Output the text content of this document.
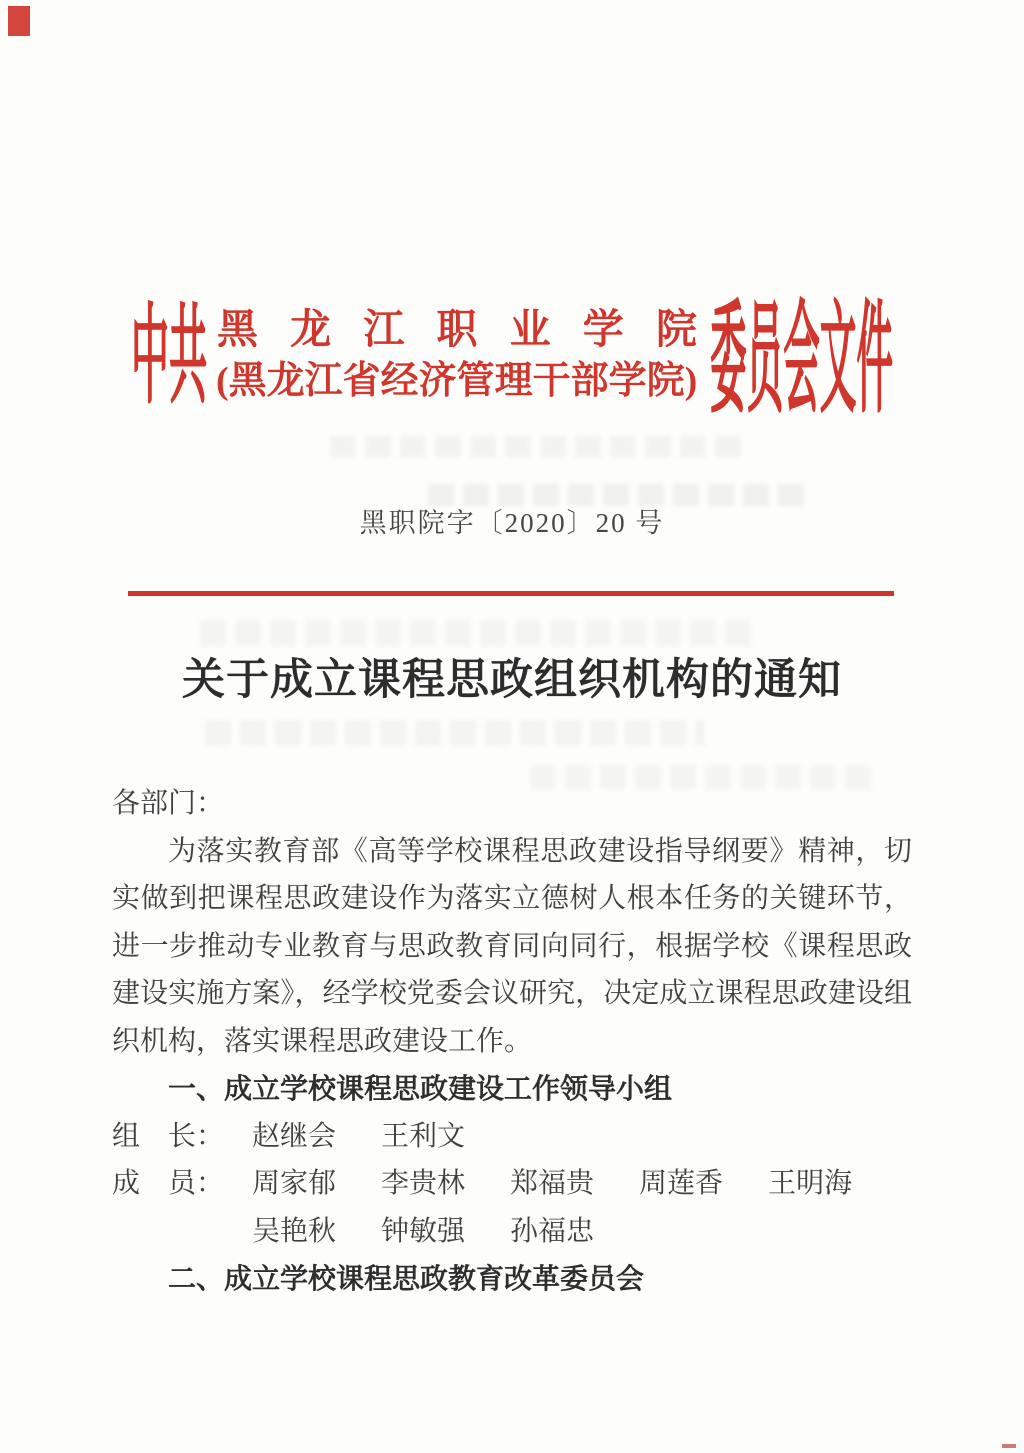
中共 黑 龙 江 职 业 学 院
(黑龙江省经济管理干部学院) 委员会文件
黑职院字〔2020〕20 号
关于成立课程思政组织机构的通知
各部门：
为落实教育部《高等学校课程思政建设指导纲要》精神，切
实做到把课程思政建设作为落实立德树人根本任务的关键环节，
进一步推动专业教育与思政教育同向同行，根据学校《课程思政
建设实施方案》，经学校党委会议研究，决定成立课程思政建设组
织机构，落实课程思政建设工作。
一、成立学校课程思政建设工作领导小组
组　长： 赵继会 王利文
成　员： 周家郁 李贵林 郑福贵 周莲香 王明海
吴艳秋 钟敏强 孙福忠
二、成立学校课程思政教育改革委员会
